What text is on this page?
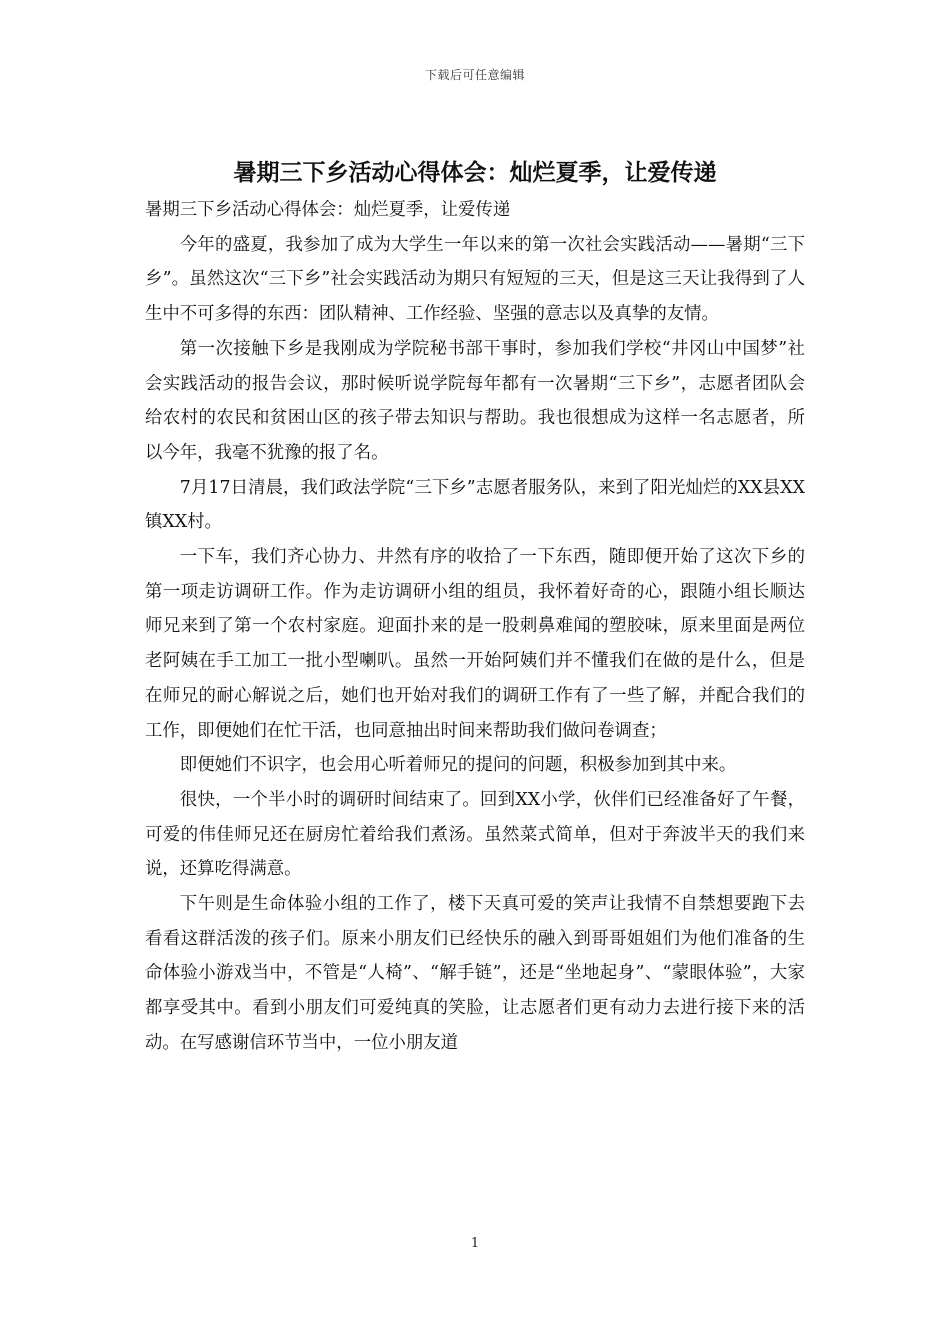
下载后可任意编辑
暑期三下乡活动心得体会：灿烂夏季，让爱传递

暑期三下乡活动心得体会：灿烂夏季，让爱传递

今年的盛夏，我参加了成为大学生一年以来的第一次社会实践活动——暑期“三下乡”。虽然这次“三下乡”社会实践活动为期只有短短的三天，但是这三天让我得到了人生中不可多得的东西：团队精神、工作经验、坚强的意志以及真挚的友情。

第一次接触下乡是我刚成为学院秘书部干事时，参加我们学校“井冈山中国梦”社会实践活动的报告会议，那时候听说学院每年都有一次暑期“三下乡”，志愿者团队会给农村的农民和贫困山区的孩子带去知识与帮助。我也很想成为这样一名志愿者，所以今年，我毫不犹豫的报了名。

7月17日清晨，我们政法学院“三下乡”志愿者服务队，来到了阳光灿烂的XX县XX镇XX村。

一下车，我们齐心协力、井然有序的收拾了一下东西，随即便开始了这次下乡的第一项走访调研工作。作为走访调研小组的组员，我怀着好奇的心，跟随小组长顺达师兄来到了第一个农村家庭。迎面扑来的是一股刺鼻难闻的塑胶味，原来里面是两位老阿姨在手工加工一批小型喇叭。虽然一开始阿姨们并不懂我们在做的是什么，但是在师兄的耐心解说之后，她们也开始对我们的调研工作有了一些了解，并配合我们的工作，即便她们在忙干活，也同意抽出时间来帮助我们做问卷调查；

即便她们不识字，也会用心听着师兄的提问的问题，积极参加到其中来。

很快，一个半小时的调研时间结束了。回到XX小学，伙伴们已经准备好了午餐，可爱的伟佳师兄还在厨房忙着给我们煮汤。虽然菜式简单，但对于奔波半天的我们来说，还算吃得满意。

下午则是生命体验小组的工作了，楼下天真可爱的笑声让我情不自禁想要跑下去看看这群活泼的孩子们。原来小朋友们已经快乐的融入到哥哥姐姐们为他们准备的生命体验小游戏当中，不管是“人椅”、“解手链”，还是“坐地起身”、“蒙眼体验”，大家都享受其中。看到小朋友们可爱纯真的笑脸，让志愿者们更有动力去进行接下来的活动。在写感谢信环节当中，一位小朋友道

1
